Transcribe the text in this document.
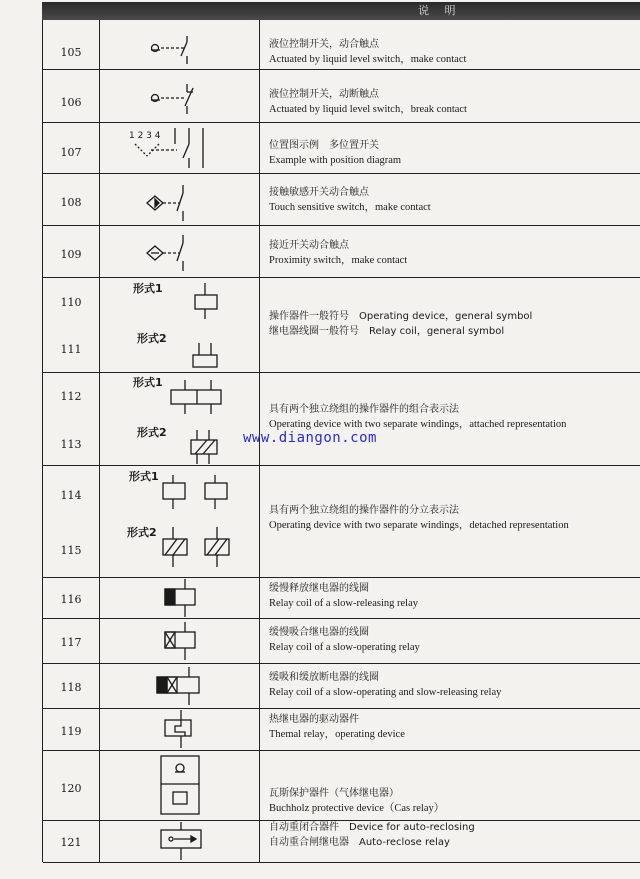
说 明
105
液位控制开关，动合触点
Actuated by liquid level switch，make contact
106
液位控制开关，动断触点
Actuated by liquid level switch，break contact
107
1 2 3 4
位置图示例　多位置开关
Example with position diagram
108
接触敏感开关动合触点
Touch sensitive switch，make contact
109
接近开关动合触点
Proximity switch，make contact
110
111
形式1
形式2
操作器件一般符号　Operating device，general symbol
继电器线圈一般符号　Relay coil，general symbol
112
113
形式1
形式2
具有两个独立绕组的操作器件的组合表示法
Operating device with two separate windings，attached representation
www.diangon.com
114
115
形式1
形式2
具有两个独立绕组的操作器件的分立表示法
Operating device with two separate windings，detached representation
116
缓慢释放继电器的线圈
Relay coil of a slow-releasing relay
117
缓慢吸合继电器的线圈
Relay coil of a slow-operating relay
118
缓吸和缓放断电器的线圈
Relay coil of a slow-operating and slow-releasing relay
119
热继电器的驱动器件
Themal relay，operating device
120	瓦斯保护器件（气体继电器）
Buchholz protective device（Cas relay）
121
自动重闭合器件　Device for auto-reclosing
自动重合闸继电器　Auto-reclose relay
